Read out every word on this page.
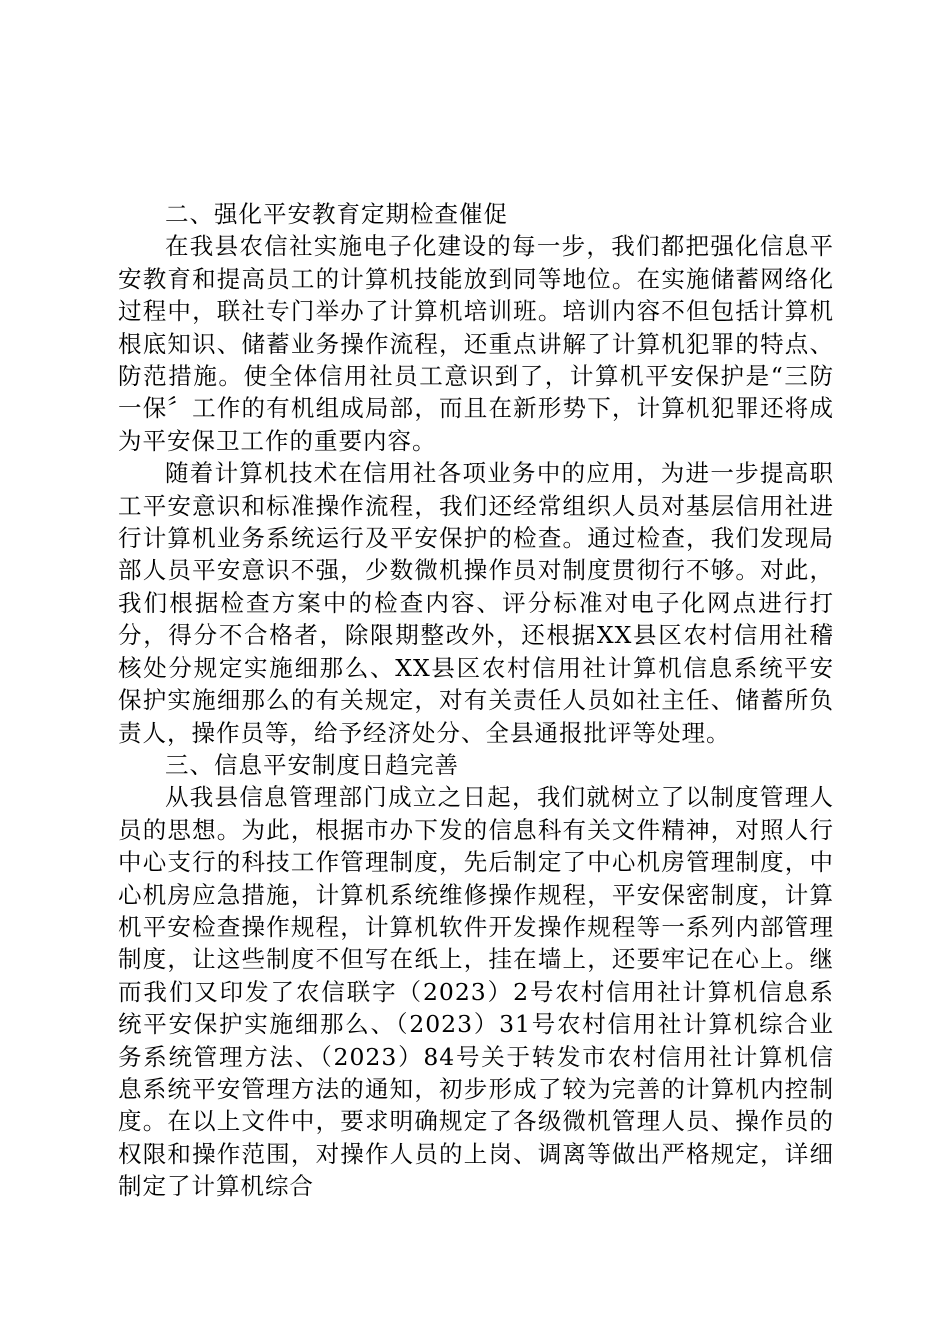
二、强化平安教育定期检查催促

在我县农信社实施电子化建设的每一步，我们都把强化信息平安教育和提高员工的计算机技能放到同等地位。在实施储蓄网络化过程中，联社专门举办了计算机培训班。培训内容不但包括计算机根底知识、储蓄业务操作流程，还重点讲解了计算机犯罪的特点、防范措施。使全体信用社员工意识到了，计算机平安保护是“三防一保〞工作的有机组成局部，而且在新形势下，计算机犯罪还将成为平安保卫工作的重要内容。

随着计算机技术在信用社各项业务中的应用，为进一步提高职工平安意识和标准操作流程，我们还经常组织人员对基层信用社进行计算机业务系统运行及平安保护的检查。通过检查，我们发现局部人员平安意识不强，少数微机操作员对制度贯彻行不够。对此，我们根据检查方案中的检查内容、评分标准对电子化网点进行打分，得分不合格者，除限期整改外，还根据XX县区农村信用社稽核处分规定实施细那么、XX县区农村信用社计算机信息系统平安保护实施细那么的有关规定，对有关责任人员如社主任、储蓄所负责人，操作员等，给予经济处分、全县通报批评等处理。

三、信息平安制度日趋完善

从我县信息管理部门成立之日起，我们就树立了以制度管理人员的思想。为此，根据市办下发的信息科有关文件精神，对照人行中心支行的科技工作管理制度，先后制定了中心机房管理制度，中心机房应急措施，计算机系统维修操作规程，平安保密制度，计算机平安检查操作规程，计算机软件开发操作规程等一系列内部管理制度，让这些制度不但写在纸上，挂在墙上，还要牢记在心上。继而我们又印发了农信联字（2023）2号农村信用社计算机信息系统平安保护实施细那么、（2023）31号农村信用社计算机综合业务系统管理方法、（2023）84号关于转发市农村信用社计算机信息系统平安管理方法的通知，初步形成了较为完善的计算机内控制度。在以上文件中，要求明确规定了各级微机管理人员、操作员的权限和操作范围，对操作人员的上岗、调离等做出严格规定，详细制定了计算机综合
